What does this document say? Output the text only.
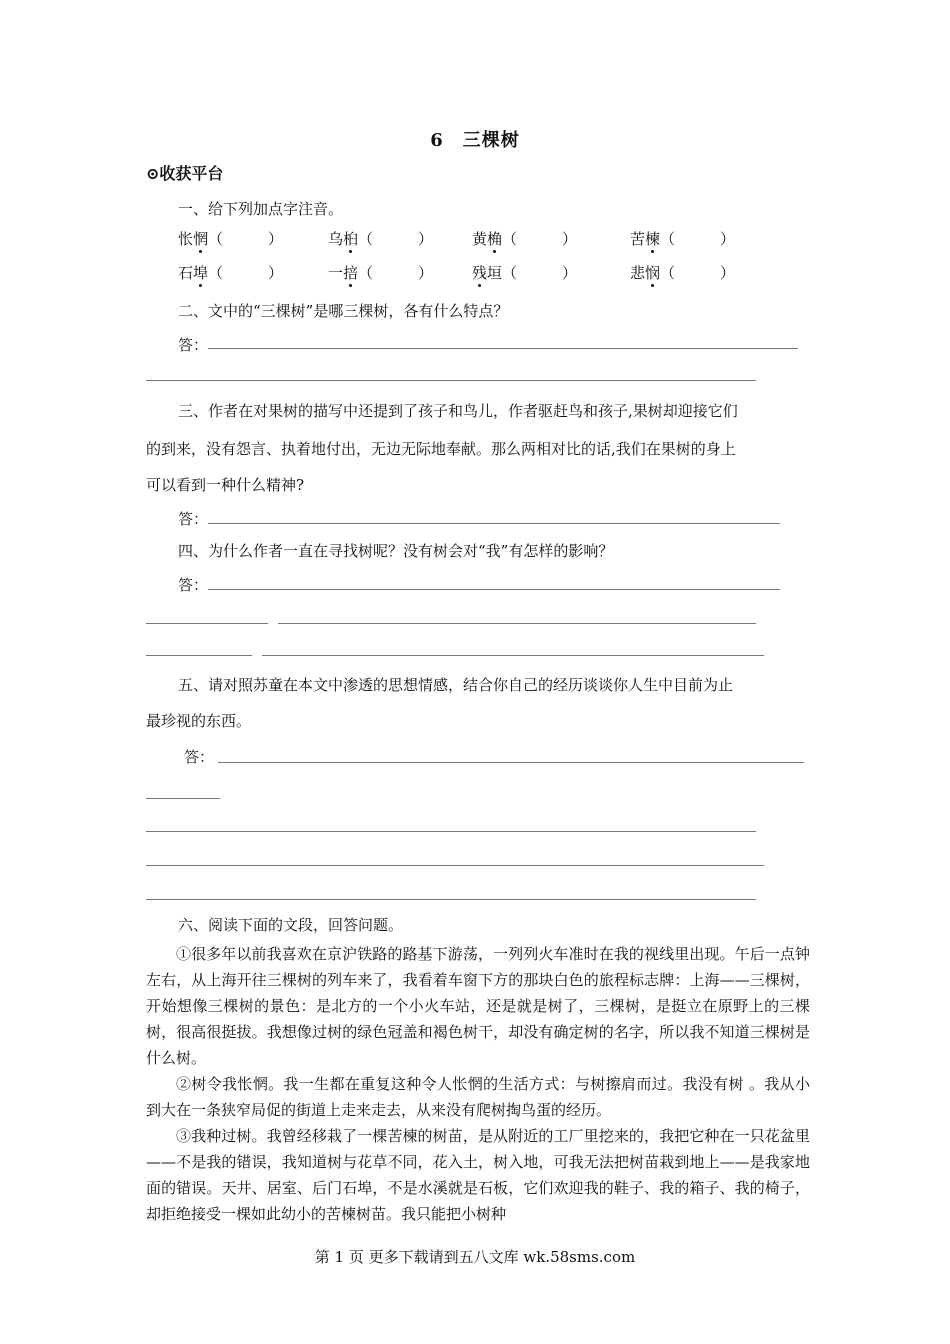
6　三棵树
⊙收获平台
一、给下列加点字注音。
怅惘（　　　）	乌桕（　　　）	黄桷（　　　）	苦楝（　　　）
石埠（　　　）	一掊（　　　）	残垣（　　　）	悲悯（　　　）
二、文中的“三棵树”是哪三棵树，各有什么特点？
答：
三、作者在对果树的描写中还提到了孩子和鸟儿，作者驱赶鸟和孩子,果树却迎接它们
的到来，没有怨言、执着地付出，无边无际地奉献。那么两相对比的话,我们在果树的身上
可以看到一种什么精神?
答：
四、为什么作者一直在寻找树呢？没有树会对“我”有怎样的影响？
答：
五、请对照苏童在本文中渗透的思想情感，结合你自己的经历谈谈你人生中目前为止
最珍视的东西。
答：
六、阅读下面的文段，回答问题。

①很多年以前我喜欢在京沪铁路的路基下游荡，一列列火车准时在我的视线里出现。午后一点钟左右，从上海开往三棵树的列车来了，我看着车窗下方的那块白色的旅程标志牌：上海——三棵树，开始想像三棵树的景色：是北方的一个小火车站，还是就是树了，三棵树，是挺立在原野上的三棵树，很高很挺拔。我想像过树的绿色冠盖和褐色树干，却没有确定树的名字，所以我不知道三棵树是什么树。

②树令我怅惘。我一生都在重复这种令人怅惘的生活方式：与树擦肩而过。我没有树 。我从小到大在一条狭窄局促的街道上走来走去，从来没有爬树掏鸟蛋的经历。

③我种过树。我曾经移栽了一棵苦楝的树苗，是从附近的工厂里挖来的，我把它种在一只花盆里——不是我的错误，我知道树与花草不同，花入土，树入地，可我无法把树苗栽到地上——是我家地面的错误。天井、居室、后门石埠，不是水溪就是石板，它们欢迎我的鞋子、我的箱子、我的椅子，却拒绝接受一棵如此幼小的苦楝树苗。我只能把小树种

第 1 页 更多下载请到五八文库 wk.58sms.com
